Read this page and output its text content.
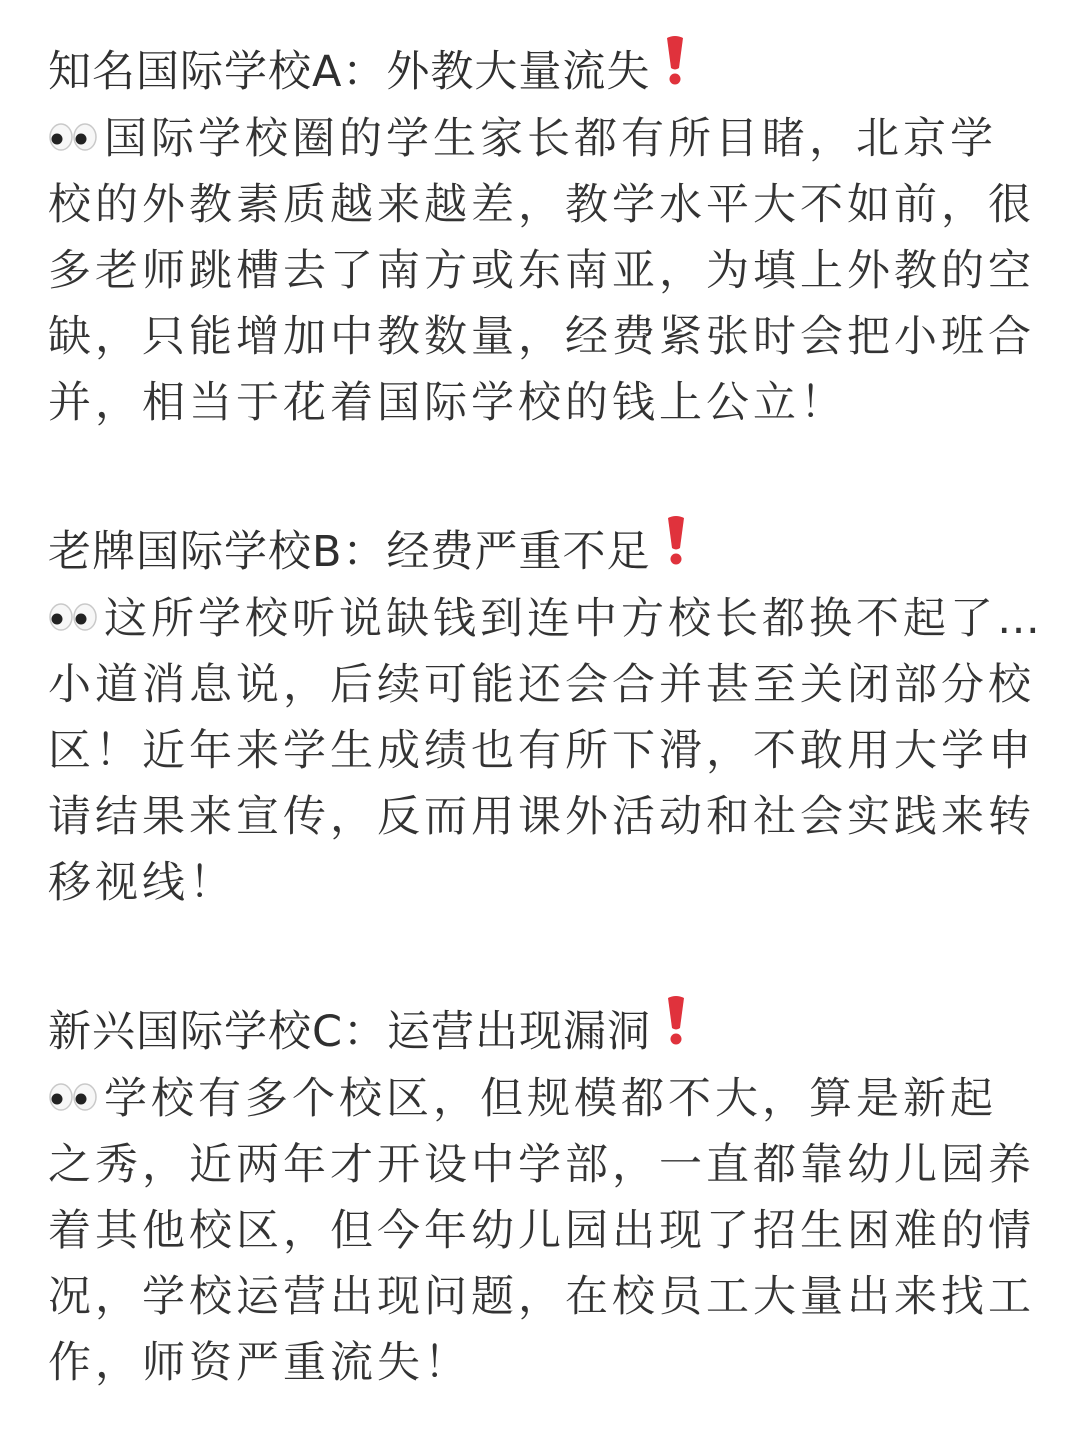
知名国际学校A：外教大量流失
国际学校圈的学生家长都有所目睹，北京学
校的外教素质越来越差，教学水平大不如前，很
多老师跳槽去了南方或东南亚，为填上外教的空
缺，只能增加中教数量，经费紧张时会把小班合
并，相当于花着国际学校的钱上公立！
老牌国际学校B：经费严重不足
这所学校听说缺钱到连中方校长都换不起了…
小道消息说，后续可能还会合并甚至关闭部分校
区！近年来学生成绩也有所下滑，不敢用大学申
请结果来宣传，反而用课外活动和社会实践来转
移视线！
新兴国际学校C：运营出现漏洞
学校有多个校区，但规模都不大，算是新起
之秀，近两年才开设中学部，一直都靠幼儿园养
着其他校区，但今年幼儿园出现了招生困难的情
况，学校运营出现问题，在校员工大量出来找工
作，师资严重流失！
